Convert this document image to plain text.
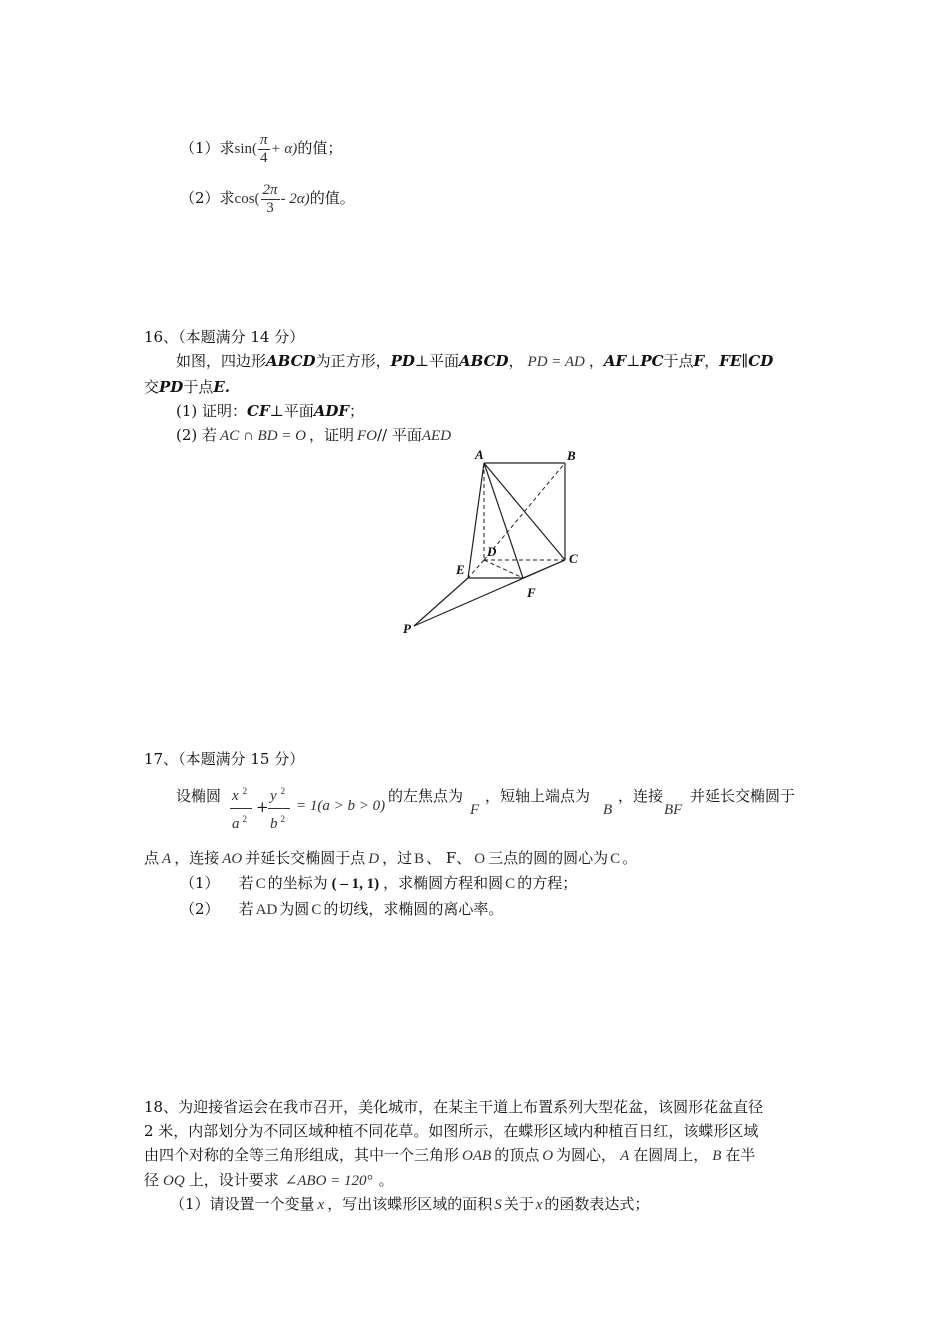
（1）求$\sin( \frac{\pi}{4} + \alpha)$的值；
（2）求$\cos( \frac{2\pi}{3} - 2\alpha)$的值。
16、（本题满分 14 分）
如图，四边形ABCD为正方形，PD⊥平面ABCD， PD = AD ，AF⊥PC于点F，FE∥CD
交PD于点E.
(1) 证明：CF⊥平面ADF；
(2) 若 AC ∩ BD = O ，证明 FO// 平面AED
A	B
C
D
E
F
P
17、（本题满分 15 分）
设椭圆 x $^2$
a $^2$
+
y $^2$
b $^2$
= 1(a > b > 0)
的左焦点为
F
，短轴上端点为
B
，连接
BF
并延长交椭圆于
点 A ，连接 AO 并延长交椭圆于点 D ，过 B 、 F、 O 三点的圆的圆心为 C 。
（1）    若 C 的坐标为 ( – 1, 1) ，求椭圆方程和圆 C 的方程；
（2）    若 AD 为圆 C 的切线，求椭圆的离心率。
18、为迎接省运会在我市召开，美化城市，在某主干道上布置系列大型花盆，该圆形花盆直径
2 米，内部划分为不同区域种植不同花草。如图所示，在蝶形区域内种植百日红，该蝶形区域
由四个对称的全等三角形组成，其中一个三角形 OAB 的顶点 O 为圆心， A 在圆周上， B 在半
径 OQ 上，设计要求 ∠ABO = 120° 。
（1）请设置一个变量 x ，写出该蝶形区域的面积 S 关于 x 的函数表达式；
